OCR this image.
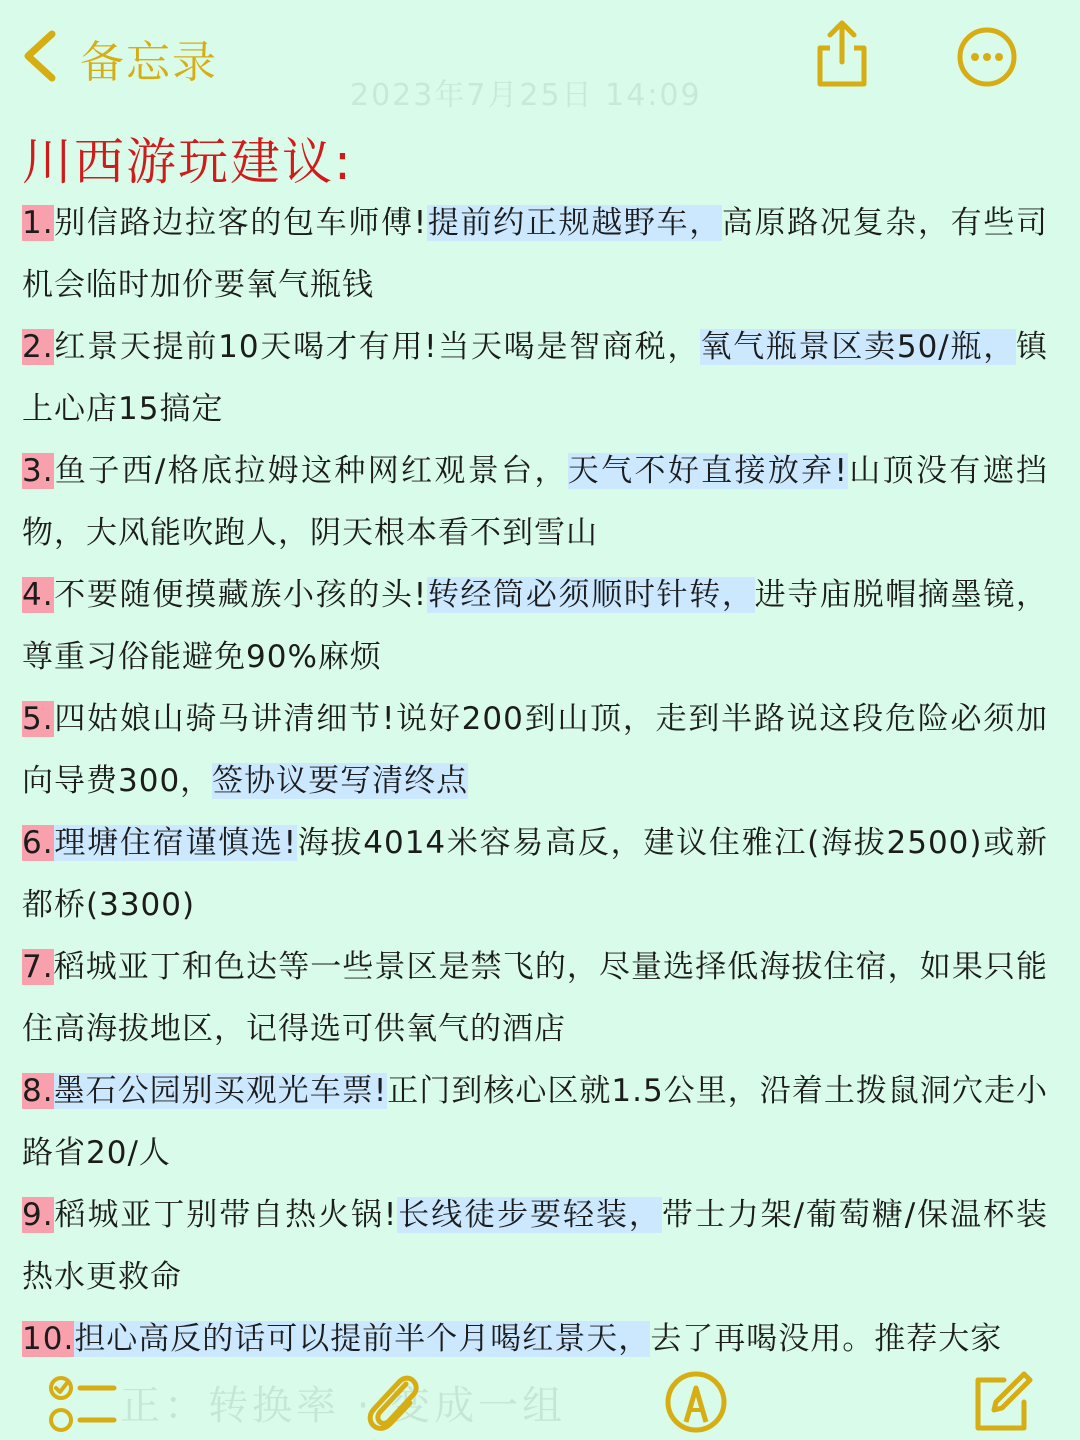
备忘录
2023年7月25日 14:09
川西游玩建议:
1.别信路边拉客的包车师傅!提前约正规越野车，高原路况复杂，有些司机会临时加价要氧气瓶钱
2.红景天提前10天喝才有用!当天喝是智商税，氧气瓶景区卖50/瓶，镇上心店15搞定
3.鱼子西/格底拉姆这种网红观景台，天气不好直接放弃!山顶没有遮挡物，大风能吹跑人，阴天根本看不到雪山
4.不要随便摸藏族小孩的头!转经筒必须顺时针转，进寺庙脱帽摘墨镜，尊重习俗能避免90%麻烦
5.四姑娘山骑马讲清细节!说好200到山顶，走到半路说这段危险必须加向导费300，签协议要写清终点
6.理塘住宿谨慎选!海拔4014米容易高反，建议住雅江(海拔2500)或新都桥(3300)
7.稻城亚丁和色达等一些景区是禁飞的，尽量选择低海拔住宿，如果只能住高海拔地区，记得选可供氧气的酒店
8.墨石公园别买观光车票!正门到核心区就1.5公里，沿着土拨鼠洞穴走小路省20/人
9.稻城亚丁别带自热火锅!长线徒步要轻装，带士力架/葡萄糖/保温杯装热水更救命
10.担心高反的话可以提前半个月喝红景天，去了再喝没用。推荐大家
正：转换率 · 变成一组
